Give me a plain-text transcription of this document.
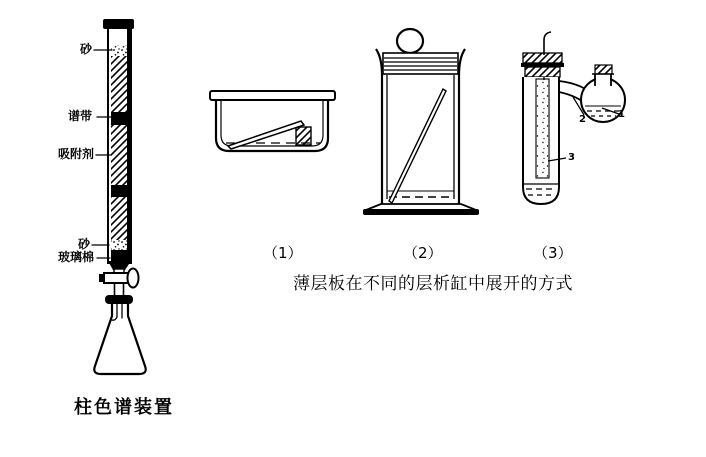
砂
谱带
吸附剂
砂
玻璃棉
柱色谱装置
（1）	（2）	（3）
薄层板在不同的层析缸中展开的方式
1
2
3
